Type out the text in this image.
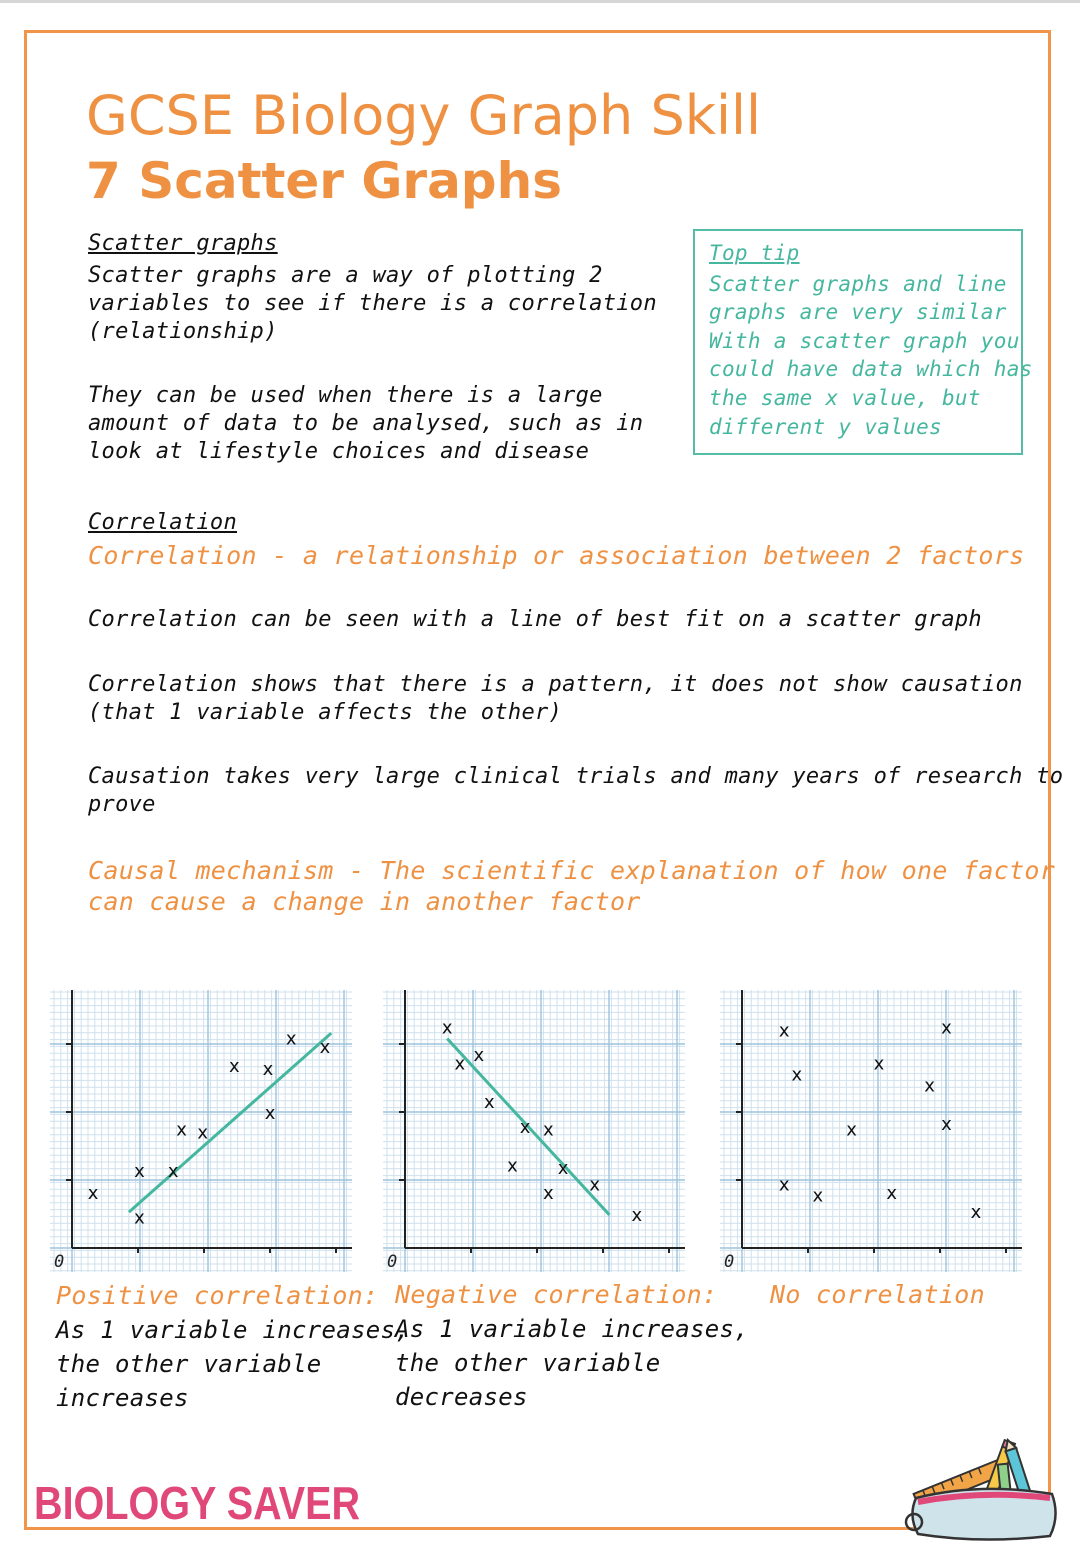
GCSE Biology Graph Skill
7 Scatter Graphs
Scatter graphs
Scatter graphs are a way of plotting 2
variables to see if there is a correlation
(relationship)
They can be used when there is a large
amount of data to be analysed, such as in
look at lifestyle choices and disease
Top tip
Scatter graphs and line
graphs are very similar
With a scatter graph you
could have data which has
the same x value, but
different y values
Correlation
Correlation - a relationship or association between 2 factors
Correlation can be seen with a line of best fit on a scatter graph
Correlation shows that there is a pattern, it does not show causation
(that 1 variable affects the other)
Causation takes very large clinical trials and many years of research to
prove
Causal mechanism - The scientific explanation of how one factor
can cause a change in another factor
0
x
x
x x
x x
x
x
x
x x
0
x
x x
x
x
x x
x
x
x
x
0
x
x
x
x
x
x
x
x
x
x
x
Positive correlation:
As 1 variable increases,
the other variable
increases
Negative correlation:
As 1 variable increases,
the other variable
decreases
No correlation
BIOLOGY SAVER
